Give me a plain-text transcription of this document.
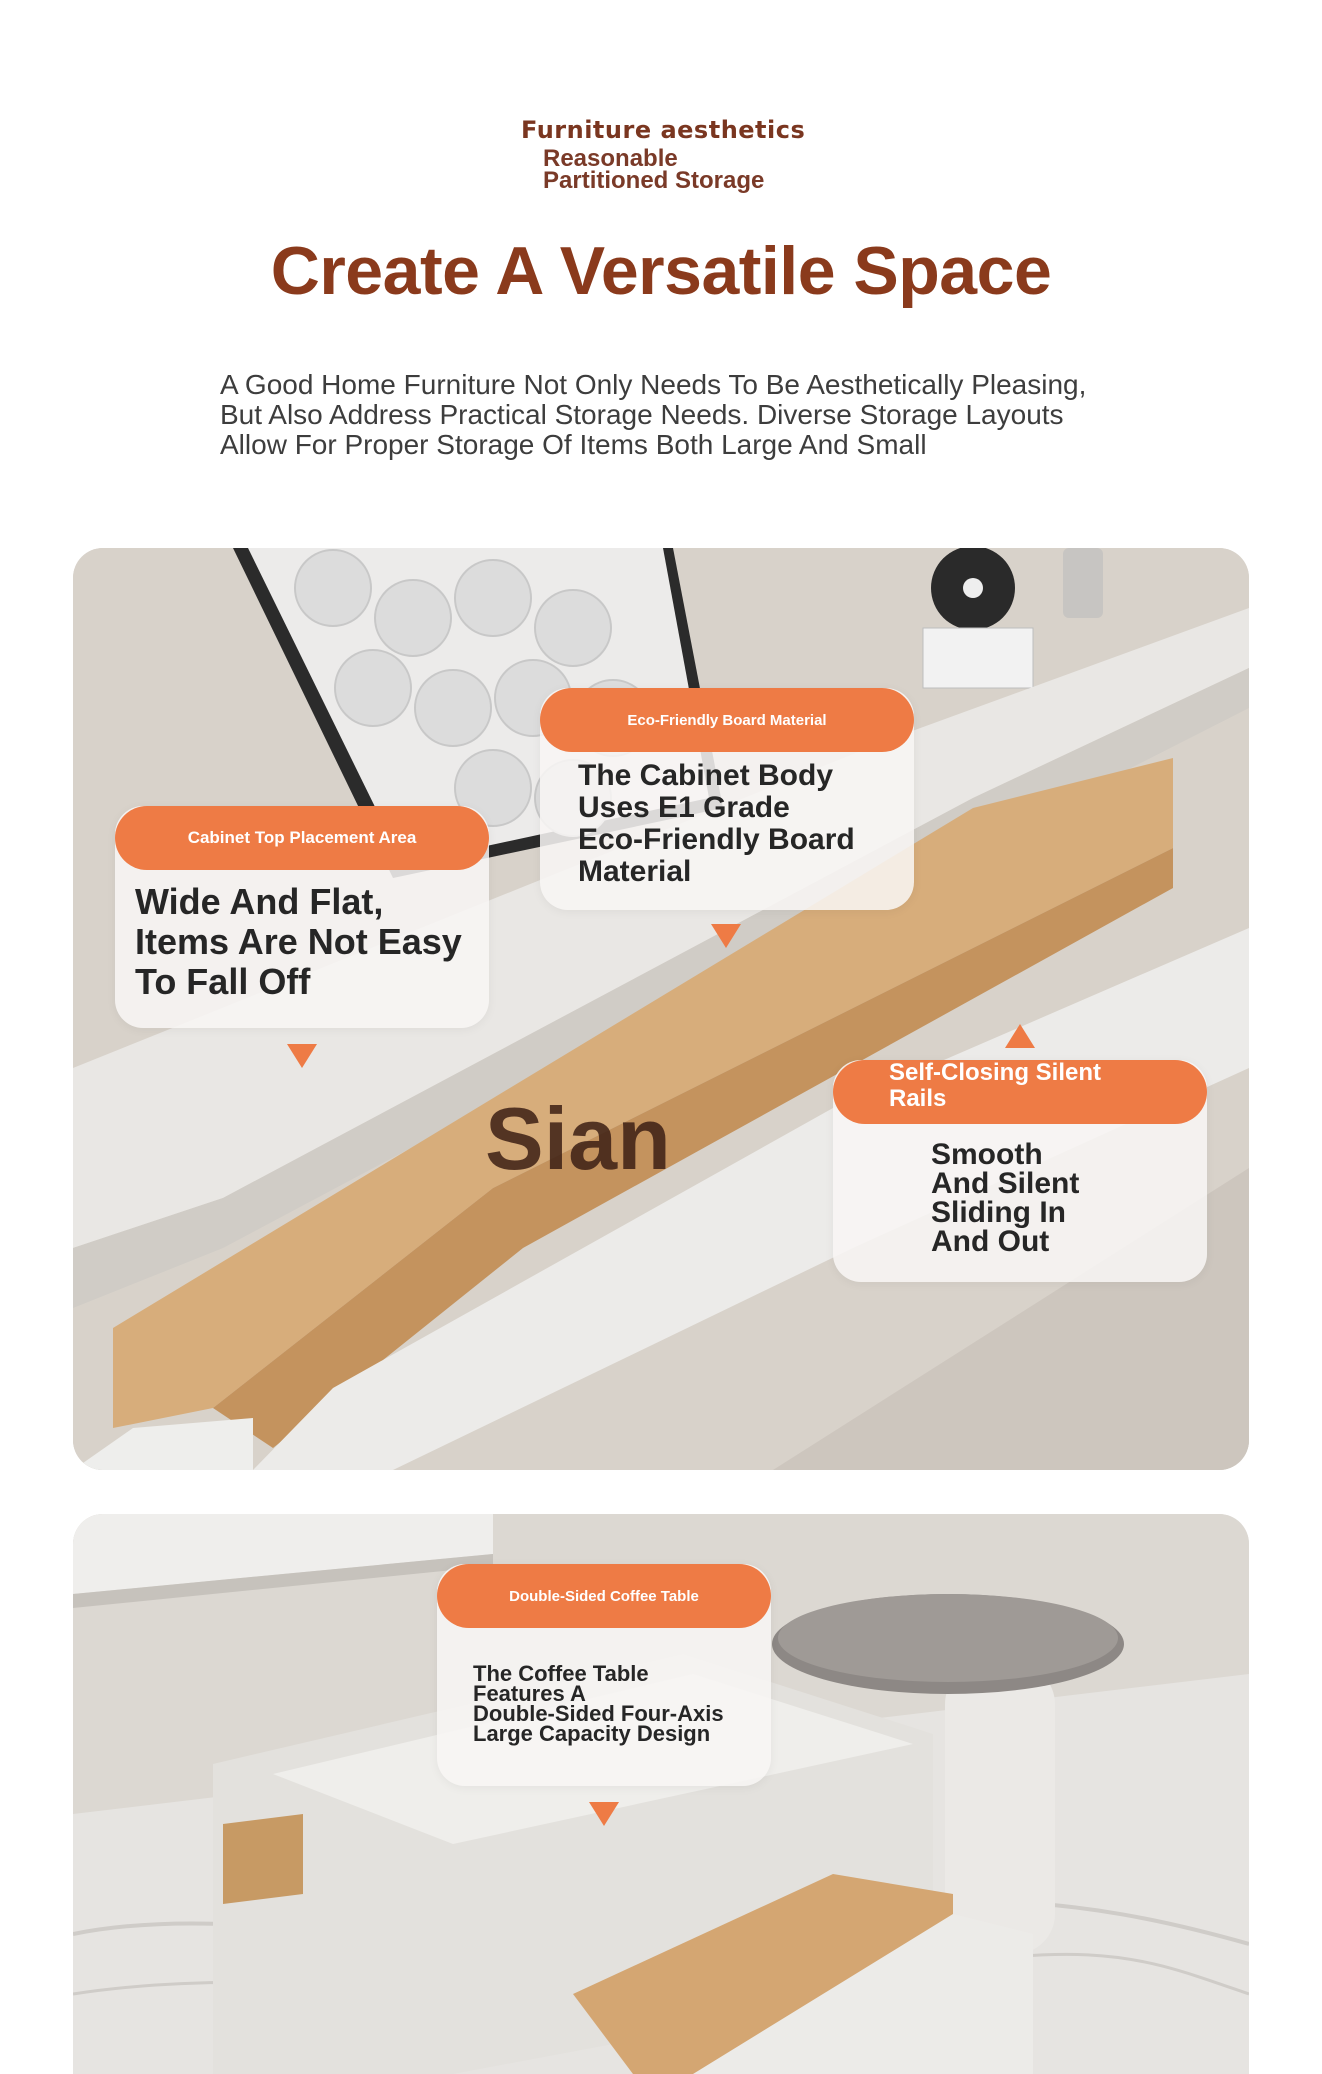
Furniture aesthetics
Reasonable
Partitioned Storage
Create A Versatile Space
A Good Home Furniture Not Only Needs To Be Aesthetically Pleasing,
But Also Address Practical Storage Needs. Diverse Storage Layouts
Allow For Proper Storage Of Items Both Large And Small
Sian
Cabinet Top Placement Area
Wide And Flat,
Items Are Not Easy
To Fall Off
Eco-Friendly Board Material
The Cabinet Body
Uses E1 Grade
Eco-Friendly Board
Material
Self-Closing Silent
Rails
Smooth
And Silent
Sliding In
And Out
Double-Sided Coffee Table
The Coffee Table
Features A
Double-Sided Four-Axis
Large Capacity Design
